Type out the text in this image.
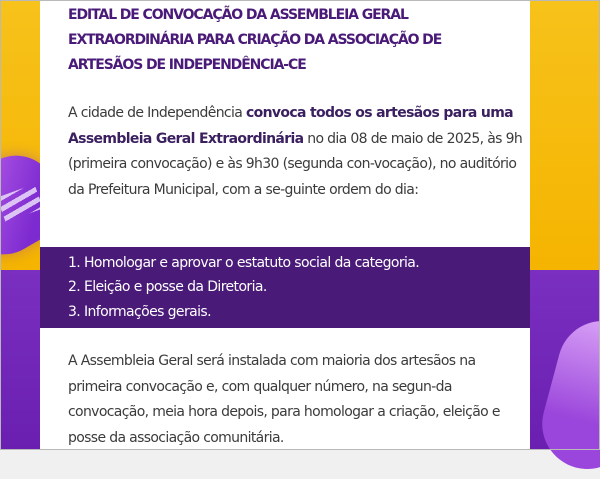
EDITAL DE CONVOCAÇÃO DA ASSEMBLEIA GERAL
EXTRAORDINÁRIA PARA CRIAÇÃO DA ASSOCIAÇÃO DE
ARTESÃOS DE INDEPENDÊNCIA-CE

A cidade de Independência convoca todos os artesãos para uma Assembleia Geral Extraordinária no dia 08 de maio de 2025, às 9h (primeira convocação) e às 9h30 (segunda con-vocação), no auditório da Prefeitura Municipal, com a se-guinte ordem do dia:

1. Homologar e aprovar o estatuto social da categoria.

2. Eleição e posse da Diretoria.

3. Informações gerais.

A Assembleia Geral será instalada com maioria dos artesãos na primeira convocação e, com qualquer número, na segun-da convocação, meia hora depois, para homologar a criação, eleição e posse da associação comunitária.
